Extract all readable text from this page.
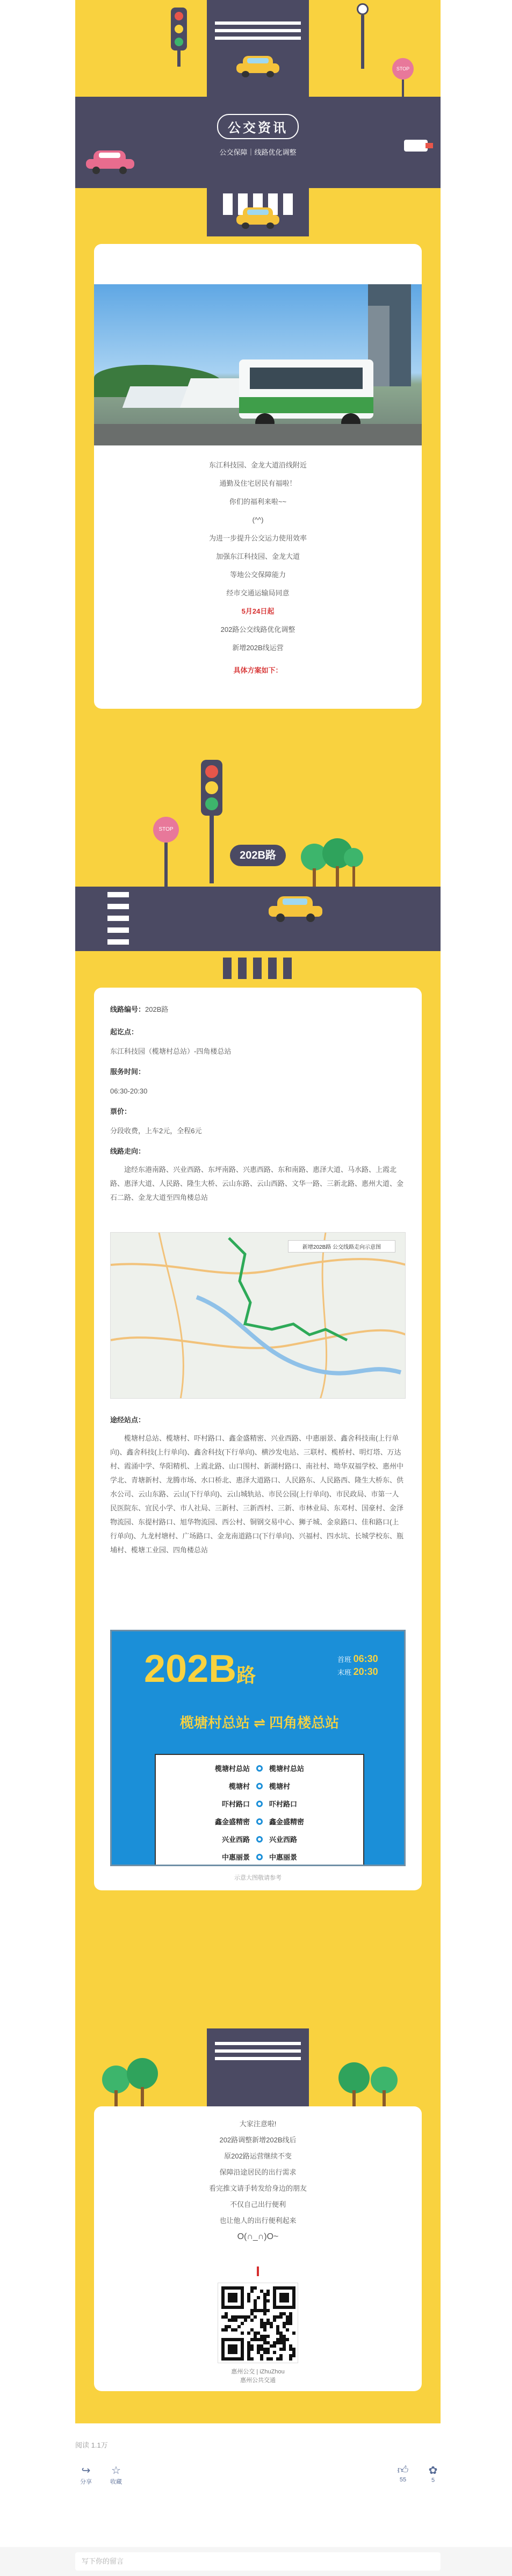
STOP
公交资讯
公交保障｜线路优化调整
东江科技园、金龙大道沿线附近
通勤及住宅居民有福啦！
你们的福利来啦~~
(^^)
为进一步提升公交运力使用效率
加强东江科技园、金龙大道
等地公交保障能力
经市交通运输局同意
5月24日起
202路公交线路优化调整
新增202B线运营
具体方案如下：
STOP
202B路
线路编号：202B路
起讫点：
东江科技园（榄塘村总站）-四角楼总站
服务时间：
06:30-20:30
票价：
分段收费，上车2元，全程6元
线路走向：
途经东港南路、兴业西路、东坪南路、兴惠西路、东和南路、惠泽大道、马水路、上霞北路、惠泽大道、人民路、隆生大桥、云山东路、云山西路、文华一路、三新北路、惠州大道、金石二路、金龙大道至四角楼总站
新增202B路 公交线路走向示意图
途经站点：
榄塘村总站、榄塘村、吓村路口、鑫金盛精密、兴业西路、中惠丽景、鑫舍科技南(上行单向)、鑫舍科技(上行单向)、鑫舍科技(下行单向)、横沙发电站、三联村、榄桥村、明灯塔、万达村、霞涌中学、华阳精机、上霞北路、山口围村、新湖村路口、南社村、坳华双福学校、惠州中学北、青塘新村、龙腾市场、水口桥北、惠泽大道路口、人民路东、人民路西、隆生大桥东、供水公司、云山东路、云山(下行单向)、云山城轨站、市民公园(上行单向)、市民政局、市第一人民医院东、宜民小学、市人社局、三新村、三新西村、三新、市林业局、东邓村、国豪村、金泽物流园、东提村路口、旭华物流园、西公村、铜钢交易中心、狮子城、金泉路口、佳和路口(上行单向)、九龙村塘村、广场路口、金龙南道路口(下行单向)、兴福村、四水坑、长城学校东、瓶埔村、榄塘工业园、四角楼总站
202B路
首班 06:30
末班 20:30
榄塘村总站 ⇌ 四角楼总站
榄塘村总站	榄塘村总站
榄塘村	榄塘村
吓村路口	吓村路口
鑫金盛精密	鑫金盛精密
兴业西路	兴业西路
中惠丽景	中惠丽景
示意大图敬请参考
大家注意啦!
202路调整新增202B线后
原202路运营继续不变
保障沿途居民的出行需求
看完推文请手转发给身边的朋友
不仅自己出行便利
也让他人的出行便利起来
O(∩_∩)O~
惠州公交 | iZhuZhou
惠州公共交通
阅读 1.1万
↪
分享
☆
收藏
👍︎
55
✿
5
写下你的留言
